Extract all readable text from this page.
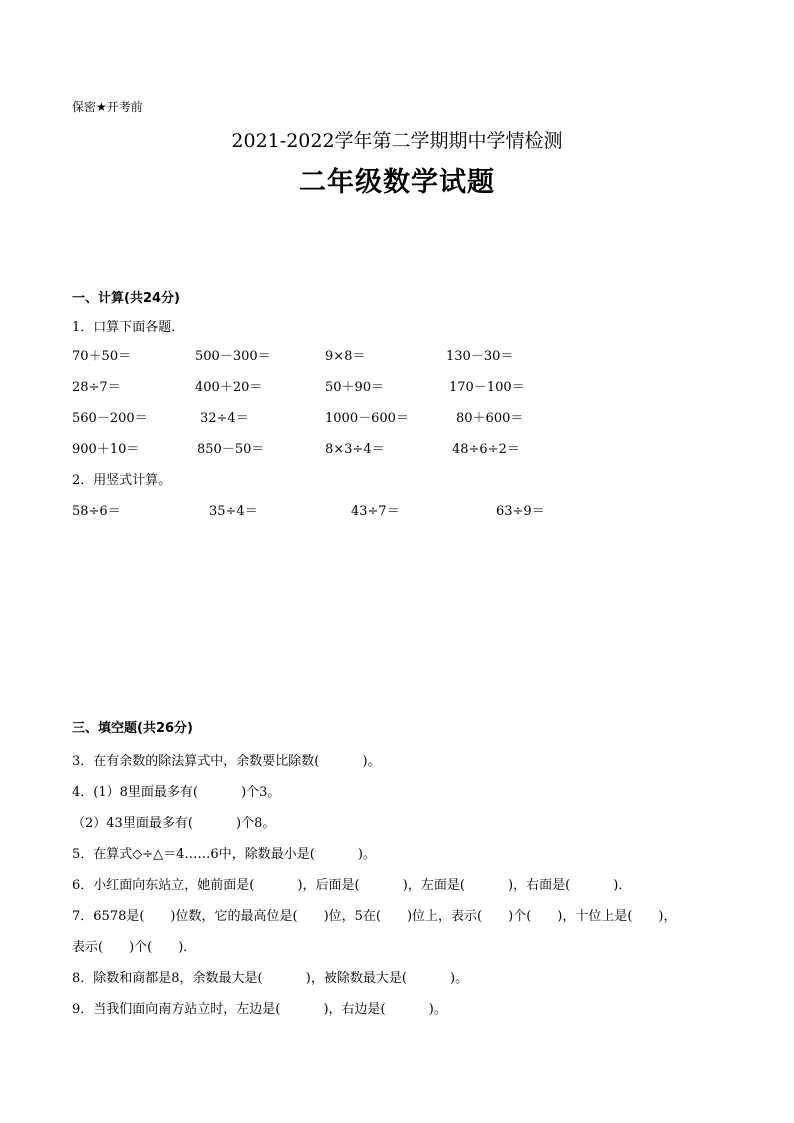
保密★开考前
2021-2022学年第二学期期中学情检测
二年级数学试题
一、计算(共24分)
1．口算下面各题．
70＋50＝	500－300＝	9×8＝	130－30＝
28÷7＝	400＋20＝	50＋90＝	170－100＝
560－200＝	32÷4＝	1000－600＝	80＋600＝
900＋10＝	850－50＝	8×3÷4＝	48÷6÷2＝
2．用竖式计算。
58÷6＝	35÷4＝	43÷7＝	63÷9＝
三、填空题(共26分)
3．在有余数的除法算式中，余数要比除数(　　 　)。
4．(1）8里面最多有(　　 　)个3。
（2）43里面最多有(　　 　)个8。
5．在算式◇÷△＝4……6中，除数最小是(　　 　)。
6．小红面向东站立，她前面是(　　 　)，后面是(　　 　)，左面是(　　 　)，右面是(　　 　)．
7．6578是(　　)位数，它的最高位是(　　)位，5在(　　)位上，表示(　　)个(　　)，十位上是(　　)，
表示(　　)个(　　)．
8．除数和商都是8，余数最大是(　　 　)，被除数最大是(　　 　)。
9．当我们面向南方站立时，左边是(　　 　)，右边是(　　 　)。
